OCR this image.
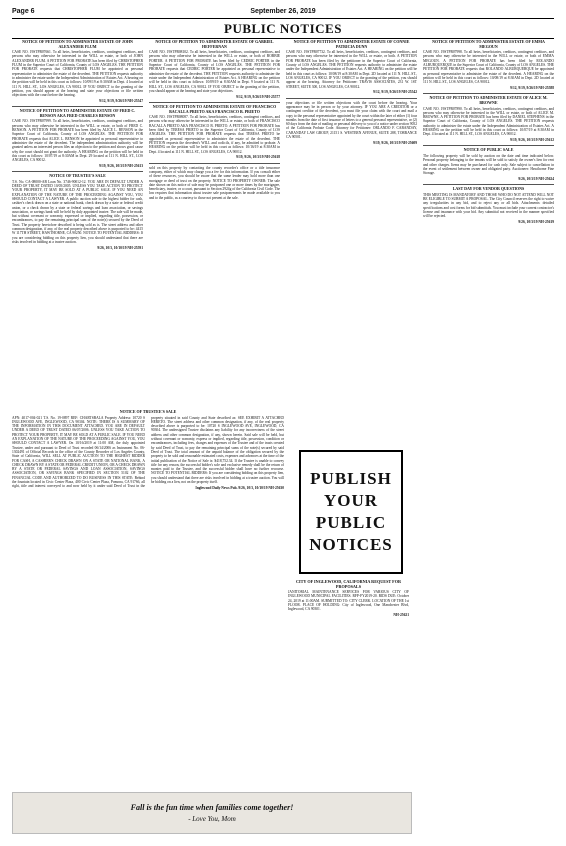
Page 6	September 26, 2019
PUBLIC NOTICES
NOTICE OF PETITION TO ADMINISTER ESTATE OF JOHN ALEXANDER FLUM

CASE NO. 19STPB07661. To all heirs, beneficiaries, creditors, contingent creditors, and persons who may otherwise be interested in the WILL or estate, or both of JOHN ALEXANDER FLUM. A PETITION FOR PROBATE has been filed by CHRISTOPHER FLUM in the Superior Court of California, County of LOS ANGELES. THE PETITION FOR PROBATE requests that CHRISTOPHER FLUM be appointed as personal representative to administer the estate of the decedent. THE PETITION requests authority to administer the estate under the Independent Administration of Estates Act. A hearing on the petition will be held in this court as follows: 10/09/19 at 8:30AM in Dept. 4 located at 111 N. HILL ST., LOS ANGELES, CA 90012. IF YOU OBJECT to the granting of the petition, you should appear at the hearing and state your objections or file written objections with the court before the hearing.

9/12, 9/19, 9/26/19 NH-25547

NOTICE OF PETITION TO ADMINISTER ESTATE OF FRED C. BENSON AKA FRED CHARLES BENSON

CASE NO. 19STPB07999. To all heirs, beneficiaries, creditors, contingent creditors, and persons who may otherwise be interested in the WILL or estate, or both of FRED C. BENSON. A PETITION FOR PROBATE has been filed by ALICE L. BENSON in the Superior Court of California, County of LOS ANGELES. THE PETITION FOR PROBATE requests that ALICE L. BENSON be appointed as personal representative to administer the estate of the decedent. The independent administration authority will be granted unless an interested person files an objection to the petition and shows good cause why the court should not grant the authority. A HEARING on the petition will be held in this court as follows: 10/07/19 at 8:30AM in Dept. 29 located at 111 N. HILL ST., LOS ANGELES, CA 90012.

9/19, 9/26, 10/3/19 NH-25613

NOTICE OF TRUSTEE'S SALE

T.S. No. CA-08000-AB Loan No. 3746-90012-12. YOU ARE IN DEFAULT UNDER A DEED OF TRUST DATED 10/05/2005. UNLESS YOU TAKE ACTION TO PROTECT YOUR PROPERTY, IT MAY BE SOLD AT A PUBLIC SALE. IF YOU NEED AN EXPLANATION OF THE NATURE OF THE PROCEEDING AGAINST YOU, YOU SHOULD CONTACT A LAWYER. A public auction sale to the highest bidder for cash, cashier's check drawn on a state or national bank, check drawn by a state or federal credit union, or a check drawn by a state or federal savings and loan association, or savings association, or savings bank will be held by duly appointed trustee. The sale will be made, but without covenant or warranty, expressed or implied, regarding title, possession, or encumbrances, to pay the remaining principal sum of the note(s) secured by the Deed of Trust. The property heretofore described is being sold as is. The street address and other common designation, if any, of the real property described above is purported to be: 4415 W 117TH STREET, HAWTHORNE, CA 90250. NOTICE TO POTENTIAL BIDDERS: If you are considering bidding on this property lien, you should understand that there are risks involved in bidding at a trustee auction.

9/26, 10/3, 10/10/19 NH-25591

NOTICE OF PETITION TO ADMINISTER ESTATE OF GABRIEL HEFFERNAN

CASE NO. 19STPB08102. To all heirs, beneficiaries, creditors, contingent creditors, and persons who may otherwise be interested in the WILL or estate, or both of BOBBIE PORTER. A PETITION FOR PROBATE has been filed by CEDRIC PORTER in the Superior Court of California, County of LOS ANGELES. THE PETITION FOR PROBATE requests that CEDRIC PORTER be appointed as personal representative to administer the estate of the decedent. THE PETITION requests authority to administer the estate under the Independent Administration of Estates Act. A HEARING on the petition will be held in this court as follows: 10/09/19 at 8:30AM in Dept. 9 located at 111 N. HILL ST., LOS ANGELES, CA 90012. IF YOU OBJECT to the granting of the petition, you should appear at the hearing and state your objections.

9/12, 9/19, 9/26/19 NH-25577

NOTICE OF PETITION TO ADMINISTER ESTATE OF FRANCISCO BACALLA PRIETO AKA FRANCISCO B. PRIETO

CASE NO. 19STPB08087. To all heirs, beneficiaries, creditors, contingent creditors, and persons who may otherwise be interested in the WILL or estate, or both of FRANCISCO BACALLA PRIETO AKA FRANCISCO B. PRIETO. A PETITION FOR PROBATE has been filed by TERESA PRIETO in the Superior Court of California, County of LOS ANGELES. THE PETITION FOR PROBATE requests that TERESA PRIETO be appointed as personal representative to administer the estate of the decedent. THE PETITION requests the decedent's WILL and codicils, if any, be admitted to probate. A HEARING on the petition will be held in this court as follows: 10/16/19 at 8:30AM in Dept. 4 located at 111 N. HILL ST., LOS ANGELES, CA 90012.

9/19, 9/26, 10/3/19 NH-25618

sold on this property by contacting the county recorder's office or a title insurance company, either of which may charge you a fee for this information. If you consult either of these resources, you should be aware that the same lender may hold more than one mortgage or deed of trust on the property. NOTICE TO PROPERTY OWNER: The sale date shown on this notice of sale may be postponed one or more times by the mortgagee, beneficiary, trustee, or a court, pursuant to Section 2924g of the California Civil Code. The law requires that information about trustee sale postponements be made available to you and to the public, as a courtesy to those not present at the sale.

NOTICE OF PETITION TO ADMINISTER ESTATE OF CONNIE PATRICIA DUNN

CASE NO. 19STPB07732. To all heirs, beneficiaries, creditors, contingent creditors, and persons who may otherwise be interested in the WILL or estate, or both. A PETITION FOR PROBATE has been filed by the petitioner in the Superior Court of California, County of LOS ANGELES. THE PETITION requests authority to administer the estate under the Independent Administration of Estates Act. A HEARING on the petition will be held in this court as follows: 10/08/19 at 8:30AM in Dept. 2D located at 111 N. HILL ST., LOS ANGELES, CA 90012. IF YOU OBJECT to the granting of the petition, you should appear at the hearing. Attorney for Petitioner: TRAVIS ASSOCIATES, 231 W. 1ST STREET, SUITE 300, LOS ANGELES, CA 90012.

9/12, 9/19, 9/26/19 NH-25542

your objections or file written objections with the court before the hearing. Your appearance may be in person or by your attorney. IF YOU ARE A CREDITOR or a contingent creditor of the decedent, you must file your claim with the court and mail a copy to the personal representative appointed by the court within the later of either (1) four months from the date of first issuance of letters to a general personal representative, or (2) 60 days from the date of mailing or personal delivery to you of a notice under section 9052 of the California Probate Code. Attorney for Petitioner: ORLANDO F. CABANDAY, CABANDAY LAW GROUP, 21151 S. WESTERN AVENUE, SUITE 288, TORRANCE CA 90501.

9/19, 9/26, 10/3/19 NH-25609

NOTICE OF PETITION TO ADMINISTER ESTATE OF EMMA MEGOUN

CASE NO. 19STPB07998. To all heirs, beneficiaries, creditors, contingent creditors, and persons who may otherwise be interested in the WILL or estate, or both of EMMA MEGOUN. A PETITION FOR PROBATE has been filed by ROLANDO ALBURQUERQUE in the Superior Court of California, County of LOS ANGELES. THE PETITION FOR PROBATE requests that ROLANDO ALBURQUERQUE be appointed as personal representative to administer the estate of the decedent. A HEARING on the petition will be held in this court as follows: 10/08/19 at 8:30AM in Dept. 2D located at 111 N. HILL ST., LOS ANGELES, CA 90012.

9/12, 9/19, 9/26/19 NH-25588

NOTICE OF PETITION TO ADMINISTER ESTATE OF ALICE M. BROWNE

CASE NO. 19STPB07890. To all heirs, beneficiaries, creditors, contingent creditors, and persons who may otherwise be interested in the WILL or estate, or both of ALICE M. BROWNE. A PETITION FOR PROBATE has been filed by DANIEL STEPHENS in the Superior Court of California, County of LOS ANGELES. THE PETITION requests authority to administer the estate under the Independent Administration of Estates Act. A HEARING on the petition will be held in this court as follows: 10/07/19 at 8:30AM in Dept. 4 located at 111 N. HILL ST., LOS ANGELES, CA 90012.

9/19, 9/26, 10/3/19 NH-25612

NOTICE OF PUBLIC SALE

The following property will be sold by auction on the date and time indicated below. Personal property belonging to the tenants will be sold to satisfy the owner's lien for rent and other charges. Items may be purchased for cash only. Sale subject to cancellation in the event of settlement between owner and obligated party. Auctioneer: Hawthorne Fine Storage.

9/26, 10/3/19 NH-25624

LAST DAY FOR VENDOR QUESTIONS

THIS MEETING IS MANDATORY AND THOSE WHO DO NOT ATTEND WILL NOT BE ELIGIBLE TO SUBMIT A PROPOSAL. The City Council reserves the right to waive any irregularities in any bid, and to reject any or all bids. Attachments: detailed specifications and cost forms for bid submittals. You must include your current contractor's license and insurance with your bid. Any submittal not received in the manner specified will be rejected.

9/26, 10/3/19 NH-25619

NOTICE OF TRUSTEE'S SALE

APN: 4017-004-021 T.S. No. 19-0897 REF: CHARTSBALA Property Address: 10720 S INGLEWOOD AVE, INGLEWOOD, CA 90304. NOTE: THERE IS A SUMMARY OF THE INFORMATION IN THIS DOCUMENT ATTACHED. YOU ARE IN DEFAULT UNDER A DEED OF TRUST DATED 06/07/2006. UNLESS YOU TAKE ACTION TO PROTECT YOUR PROPERTY, IT MAY BE SOLD AT A PUBLIC SALE. IF YOU NEED AN EXPLANATION OF THE NATURE OF THE PROCEEDING AGAINST YOU, YOU SHOULD CONTACT A LAWYER. On 10/16/2019 at 11:00 AM, the duly appointed Trustee, under and pursuant to Deed of Trust recorded 06/14/2006 as Instrument No. 06-1302491 of Official Records in the office of the County Recorder of Los Angeles County, State of California, WILL SELL AT PUBLIC AUCTION TO THE HIGHEST BIDDER FOR CASH, A CASHIER'S CHECK DRAWN ON A STATE OR NATIONAL BANK, A CHECK DRAWN BY A STATE OR FEDERAL CREDIT UNION, OR A CHECK DRAWN BY A STATE OR FEDERAL SAVINGS AND LOAN ASSOCIATION, SAVINGS ASSOCIATION, OR SAVINGS BANK SPECIFIED IN SECTION 5102 OF THE FINANCIAL CODE AND AUTHORIZED TO DO BUSINESS IN THIS STATE: Behind the fountain located in Civic Center Plaza, 400 Civic Center Plaza, Pomona, CA 91766, all right, title and interest conveyed to and now held by it under said Deed of Trust in the property situated in said County and State described as: SEE EXHIBIT A ATTACHED HERETO. The street address and other common designation, if any, of the real property described above is purported to be: 10720 S INGLEWOOD AVE, INGLEWOOD, CA 90304. The undersigned Trustee disclaims any liability for any incorrectness of the street address and other common designation, if any, shown herein. Said sale will be held, but without covenant or warranty, express or implied, regarding title, possession, condition or encumbrances, including fees, charges and expenses of the Trustee and of the trusts created by said Deed of Trust, to pay the remaining principal sums of the note(s) secured by said Deed of Trust. The total amount of the unpaid balance of the obligation secured by the property to be sold and reasonable estimated costs, expenses and advances at the time of the initial publication of the Notice of Sale is: $418,752.34. If the Trustee is unable to convey title for any reason, the successful bidder's sole and exclusive remedy shall be the return of monies paid to the Trustee, and the successful bidder shall have no further recourse. NOTICE TO POTENTIAL BIDDERS: If you are considering bidding on this property lien, you should understand that there are risks involved in bidding at a trustee auction. You will be bidding on a lien, not on the property itself.

Inglewood Daily News Pub. 9/26, 10/3, 10/10/19 NH-25630 PUBLISH
YOUR
PUBLIC
NOTICES
CITY OF INGLEWOOD, CALIFORNIA REQUEST FOR PROPOSALS

JANITORIAL MAINTENANCE SERVICES FOR VARIOUS CITY OF INGLEWOOD MUNICIPAL FACILITIES. RFP-FY2019-20. BIDS DUE: October 24, 2019 at 11:00AM. SUBMITTED TO: CITY CLERK. LOCATION OF THE 1st FLOOR. PLACE OF HOLDING: City of Inglewood, One Manchester Blvd, Inglewood, CA 90301.

NH-25621

Fall is the fun time when families come together!
- Love You, Mom
